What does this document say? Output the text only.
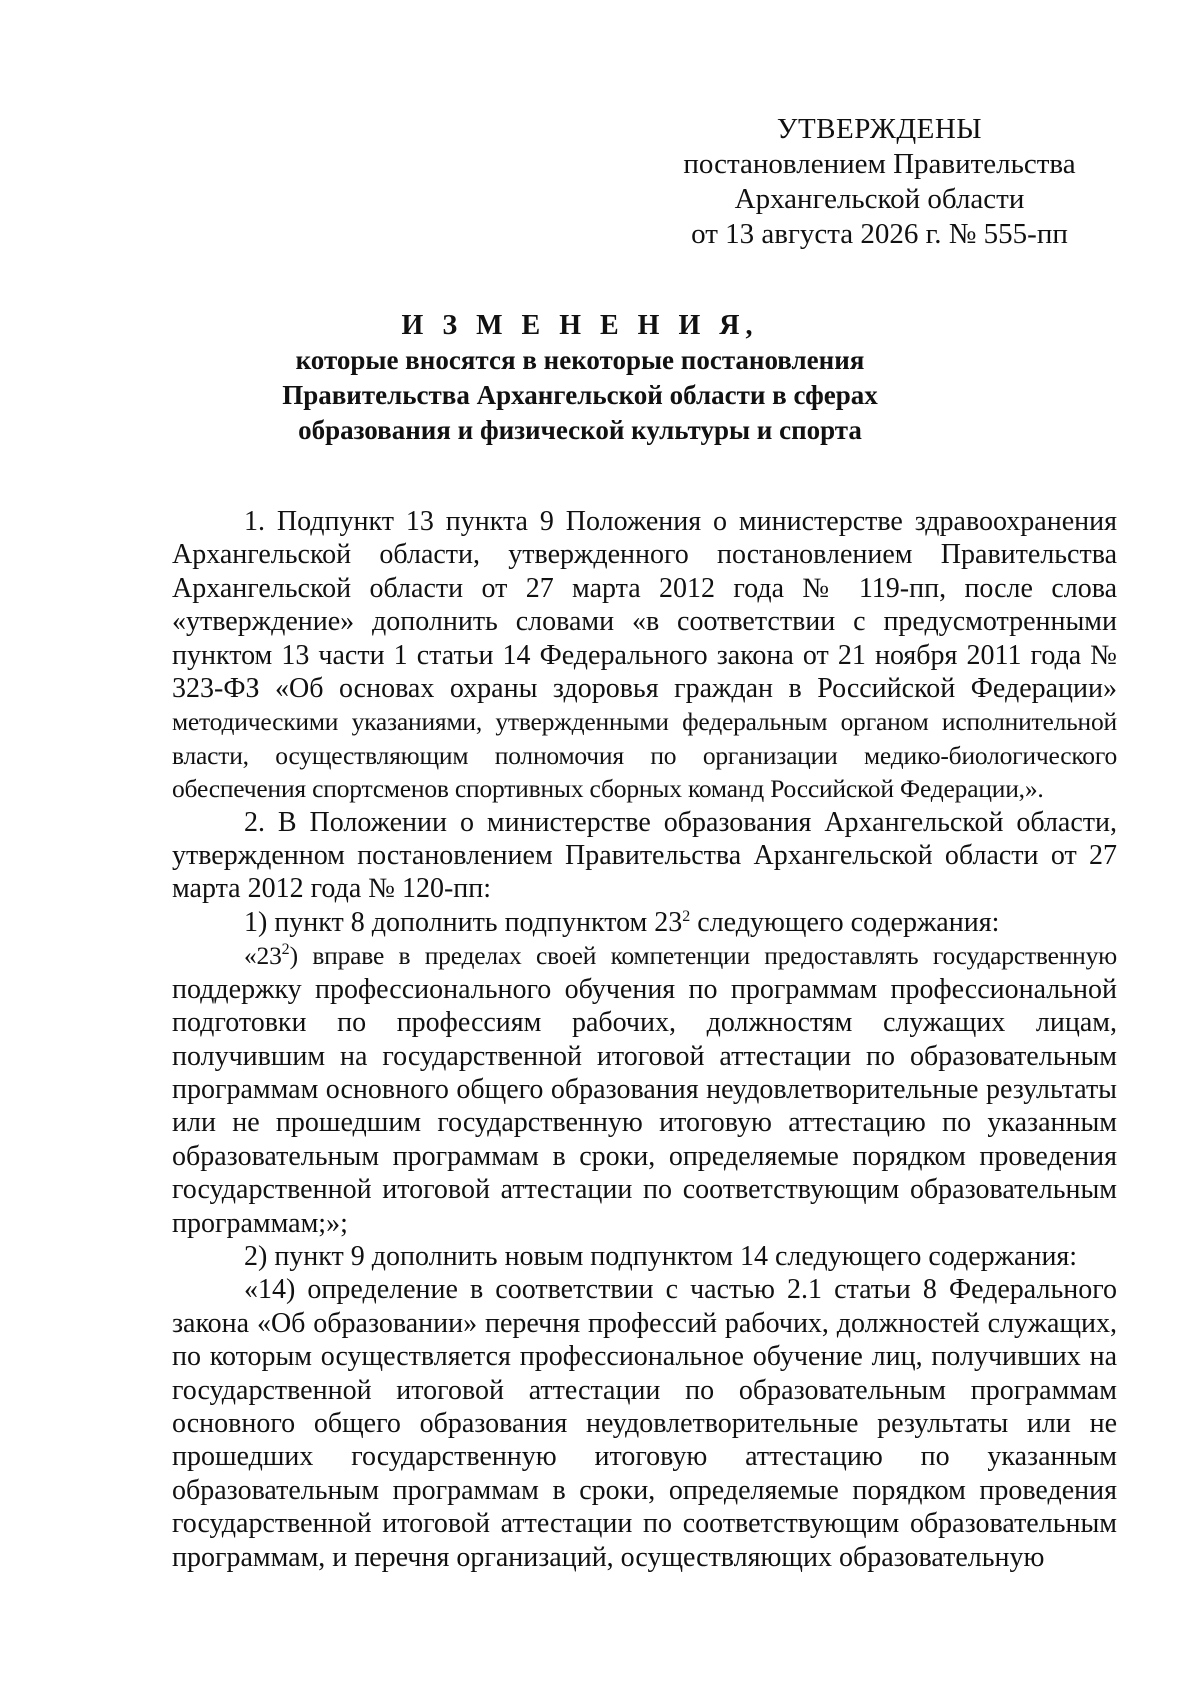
УТВЕРЖДЕНЫ
постановлением Правительства
Архангельской области
от 13 августа 2026 г. № 555-пп
И З М Е Н Е Н И Я,
которые вносятся в некоторые постановления
Правительства Архангельской области в сферах
образования и физической культуры и спорта

1. Подпункт 13 пункта 9 Положения о министерстве здравоохранения Архангельской области, утвержденного постановлением Правительства Архангельской области от 27 марта 2012 года № 119-пп, после слова «утверждение» дополнить словами «в соответствии с предусмотренными пунктом 13 части 1 статьи 14 Федерального закона от 21 ноября 2011 года № 323-ФЗ «Об основах охраны здоровья граждан в Российской Федерации» методическими указаниями, утвержденными федеральным органом исполнительной власти, осуществляющим полномочия по организации медико-биологического обеспечения спортсменов спортивных сборных команд Российской Федерации,».

2. В Положении о министерстве образования Архангельской области, утвержденном постановлением Правительства Архангельской области от 27 марта 2012 года № 120-пп:

1) пункт 8 дополнить подпунктом $23^2$ следующего содержания:

«$23^2$) вправе в пределах своей компетенции предоставлять государственную поддержку профессионального обучения по программам профессиональной подготовки по профессиям рабочих, должностям служащих лицам, получившим на государственной итоговой аттестации по образовательным программам основного общего образования неудовлетворительные результаты или не прошедшим государственную итоговую аттестацию по указанным образовательным программам в сроки, определяемые порядком проведения государственной итоговой аттестации по соответствующим образовательным программам;»;

2) пункт 9 дополнить новым подпунктом 14 следующего содержания:

«14) определение в соответствии с частью 2.1 статьи 8 Федерального закона «Об образовании» перечня профессий рабочих, должностей служащих, по которым осуществляется профессиональное обучение лиц, получивших на государственной итоговой аттестации по образовательным программам основного общего образования неудовлетворительные результаты или не прошедших государственную итоговую аттестацию по указанным образовательным программам в сроки, определяемые порядком проведения государственной итоговой аттестации по соответствующим образовательным программам, и перечня организаций, осуществляющих образовательную
